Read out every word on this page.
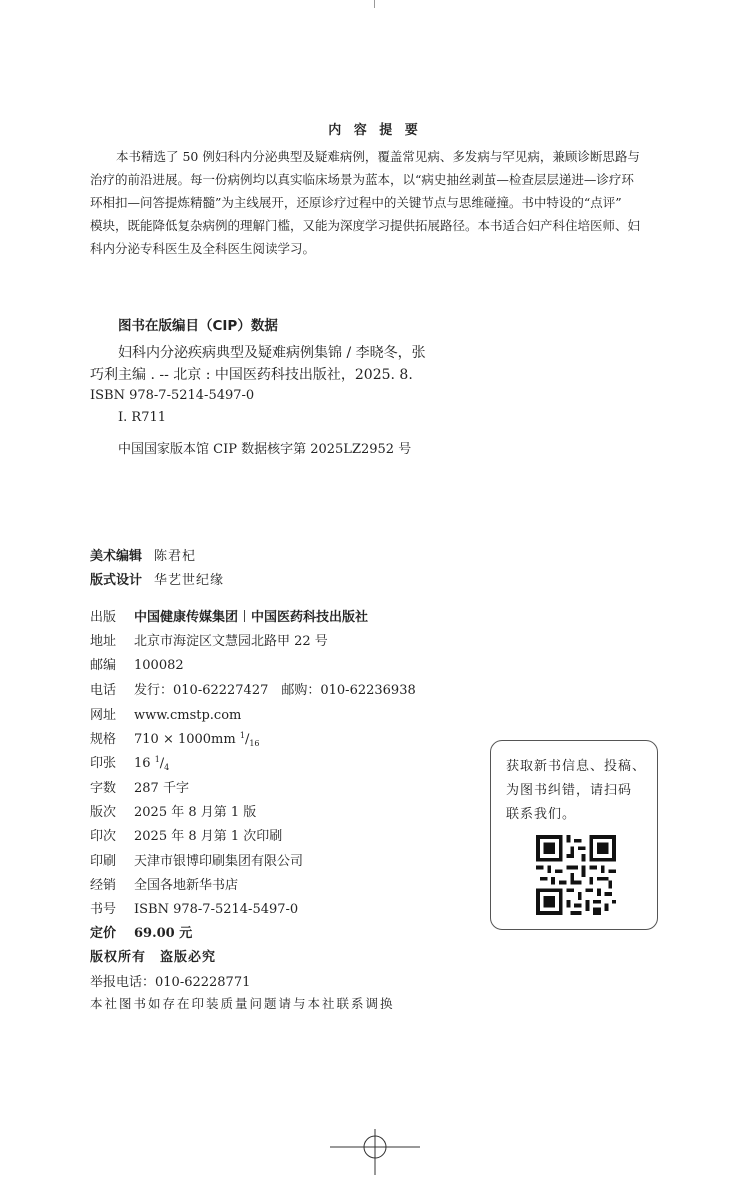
内 容 提 要
本书精选了 50 例妇科内分泌典型及疑难病例，覆盖常见病、多发病与罕见病，兼顾诊断思路与
治疗的前沿进展。每一份病例均以真实临床场景为蓝本，以“病史抽丝剥茧—检查层层递进—诊疗环
环相扣—问答提炼精髓”为主线展开，还原诊疗过程中的关键节点与思维碰撞。书中特设的“点评”
模块，既能降低复杂病例的理解门槛，又能为深度学习提供拓展路径。本书适合妇产科住培医师、妇
科内分泌专科医生及全科医生阅读学习。
图书在版编目（CIP）数据
妇科内分泌疾病典型及疑难病例集锦 / 李晓冬，张
巧利主编 . -- 北京 : 中国医药科技出版社，2025. 8.
ISBN 978-7-5214-5497-0
I. R711
中国国家版本馆 CIP 数据核字第 2025LZ2952 号
美术编辑 陈君杞
版式设计 华艺世纪缘
出版 中国健康传媒集团 中国医药科技出版社
地址 北京市海淀区文慧园北路甲 22 号
邮编 100082
电话 发行：010-62227427　邮购：010-62236938
网址 www.cmstp.com
规格 710 × 1000mm $^1/_{16}$
印张 16 $^1/_4$
字数 287 千字
版次 2025 年 8 月第 1 版
印次 2025 年 8 月第 1 次印刷
印刷 天津市银博印刷集团有限公司
经销 全国各地新华书店
书号 ISBN 978-7-5214-5497-0
定价 69.00 元
版权所有　盗版必究
举报电话：010-62228771
本社图书如存在印装质量问题请与本社联系调换
获取新书信息、投稿、
为图书纠错，请扫码
联系我们。
